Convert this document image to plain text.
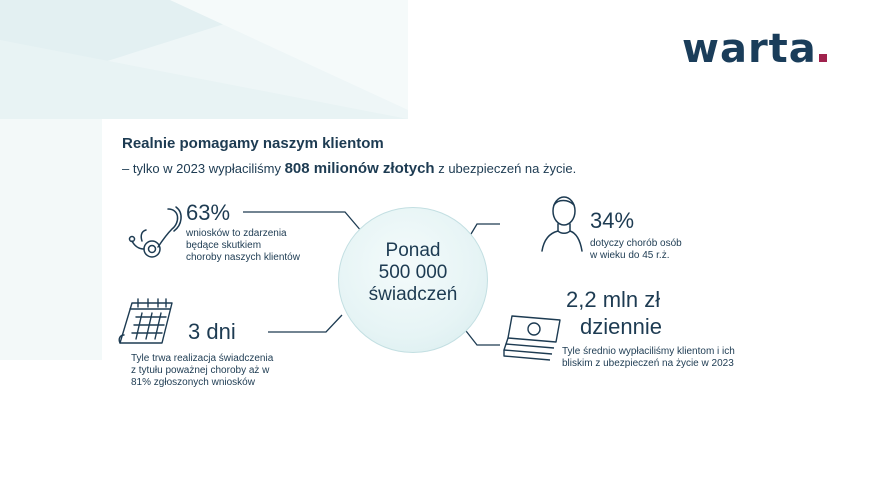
warta
Realnie pomagamy naszym klientom
– tylko w 2023 wypłaciliśmy 808 milionów złotych z ubezpieczeń na życie.
Ponad
500 000
świadczeń
63%
wniosków to zdarzenia
będące skutkiem
choroby naszych klientów
34%
dotyczy chorób osób
w wieku do 45 r.ż.
3 dni
Tyle trwa realizacja świadczenia
z tytułu poważnej choroby aż w
81% zgłoszonych wniosków
2,2 mln zł
dziennie
Tyle średnio wypłaciliśmy klientom i ich
bliskim z ubezpieczeń na życie w 2023
